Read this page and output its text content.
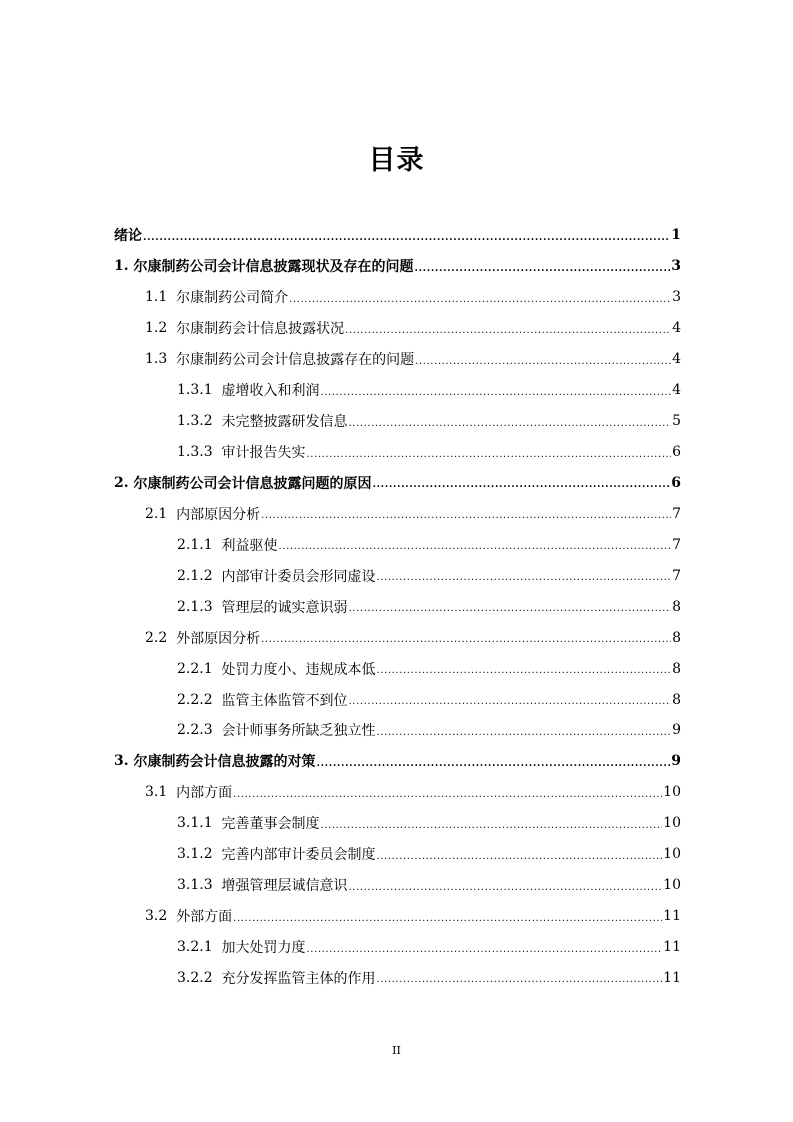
目录
绪论 .....	1
1. 尔康制药公司会计信息披露现状及存在的问题 .....	3
1.1 尔康制药公司简介 .....	3
1.2 尔康制药会计信息披露状况 .....	4
1.3 尔康制药公司会计信息披露存在的问题 .....	4
1.3.1 虚增收入和利润 .....	4
1.3.2 未完整披露研发信息 .....	5
1.3.3 审计报告失实 .....	6
2. 尔康制药公司会计信息披露问题的原因 .....	6
2.1 内部原因分析 .....	7
2.1.1 利益驱使 .....	7
2.1.2 内部审计委员会形同虚设 .....	7
2.1.3 管理层的诚实意识弱 .....	8
2.2 外部原因分析 .....	8
2.2.1 处罚力度小、违规成本低 .....	8
2.2.2 监管主体监管不到位 .....	8
2.2.3 会计师事务所缺乏独立性 .....	9
3. 尔康制药会计信息披露的对策 .....	9
3.1 内部方面 .....	10
3.1.1 完善董事会制度 .....	10
3.1.2 完善内部审计委员会制度 .....	10
3.1.3 增强管理层诚信意识 .....	10
3.2 外部方面 .....	11
3.2.1 加大处罚力度 .....	11
3.2.2 充分发挥监管主体的作用 .....	11
II
